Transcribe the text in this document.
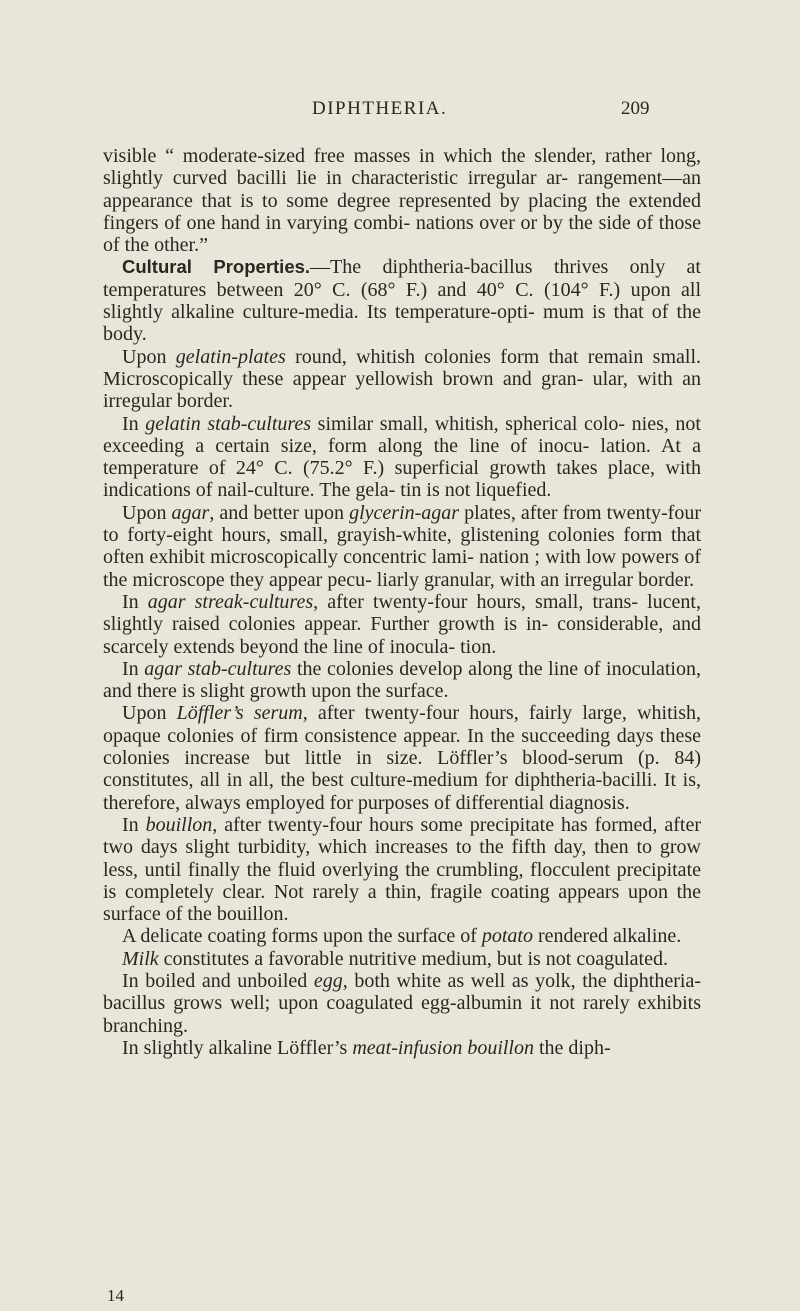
DIPHTHERIA.	209

visible “ moderate-sized free masses in which the slender, rather long, slightly curved bacilli lie in characteristic irregular ar- rangement—an appearance that is to some degree represented by placing the extended fingers of one hand in varying combi- nations over or by the side of those of the other.”

Cultural Properties.—The diphtheria-bacillus thrives only at temperatures between 20° C. (68° F.) and 40° C. (104° F.) upon all slightly alkaline culture-media. Its temperature-opti- mum is that of the body.

Upon gelatin-plates round, whitish colonies form that remain small. Microscopically these appear yellowish brown and gran- ular, with an irregular border.

In gelatin stab-cultures similar small, whitish, spherical colo- nies, not exceeding a certain size, form along the line of inocu- lation. At a temperature of 24° C. (75.2° F.) superficial growth takes place, with indications of nail-culture. The gela- tin is not liquefied.

Upon agar, and better upon glycerin-agar plates, after from twenty-four to forty-eight hours, small, grayish-white, glistening colonies form that often exhibit microscopically concentric lami- nation ; with low powers of the microscope they appear pecu- liarly granular, with an irregular border.

In agar streak-cultures, after twenty-four hours, small, trans- lucent, slightly raised colonies appear. Further growth is in- considerable, and scarcely extends beyond the line of inocula- tion.

In agar stab-cultures the colonies develop along the line of inoculation, and there is slight growth upon the surface.

Upon Löffler’s serum, after twenty-four hours, fairly large, whitish, opaque colonies of firm consistence appear. In the succeeding days these colonies increase but little in size. Löffler’s blood-serum (p. 84) constitutes, all in all, the best culture-medium for diphtheria-bacilli. It is, therefore, always employed for purposes of differential diagnosis.

In bouillon, after twenty-four hours some precipitate has formed, after two days slight turbidity, which increases to the fifth day, then to grow less, until finally the fluid overlying the crumbling, flocculent precipitate is completely clear. Not rarely a thin, fragile coating appears upon the surface of the bouillon.

A delicate coating forms upon the surface of potato rendered alkaline.

Milk constitutes a favorable nutritive medium, but is not coagulated.

In boiled and unboiled egg, both white as well as yolk, the diphtheria-bacillus grows well; upon coagulated egg-albumin it not rarely exhibits branching.

In slightly alkaline Löffler’s meat-infusion bouillon the diph-

14
